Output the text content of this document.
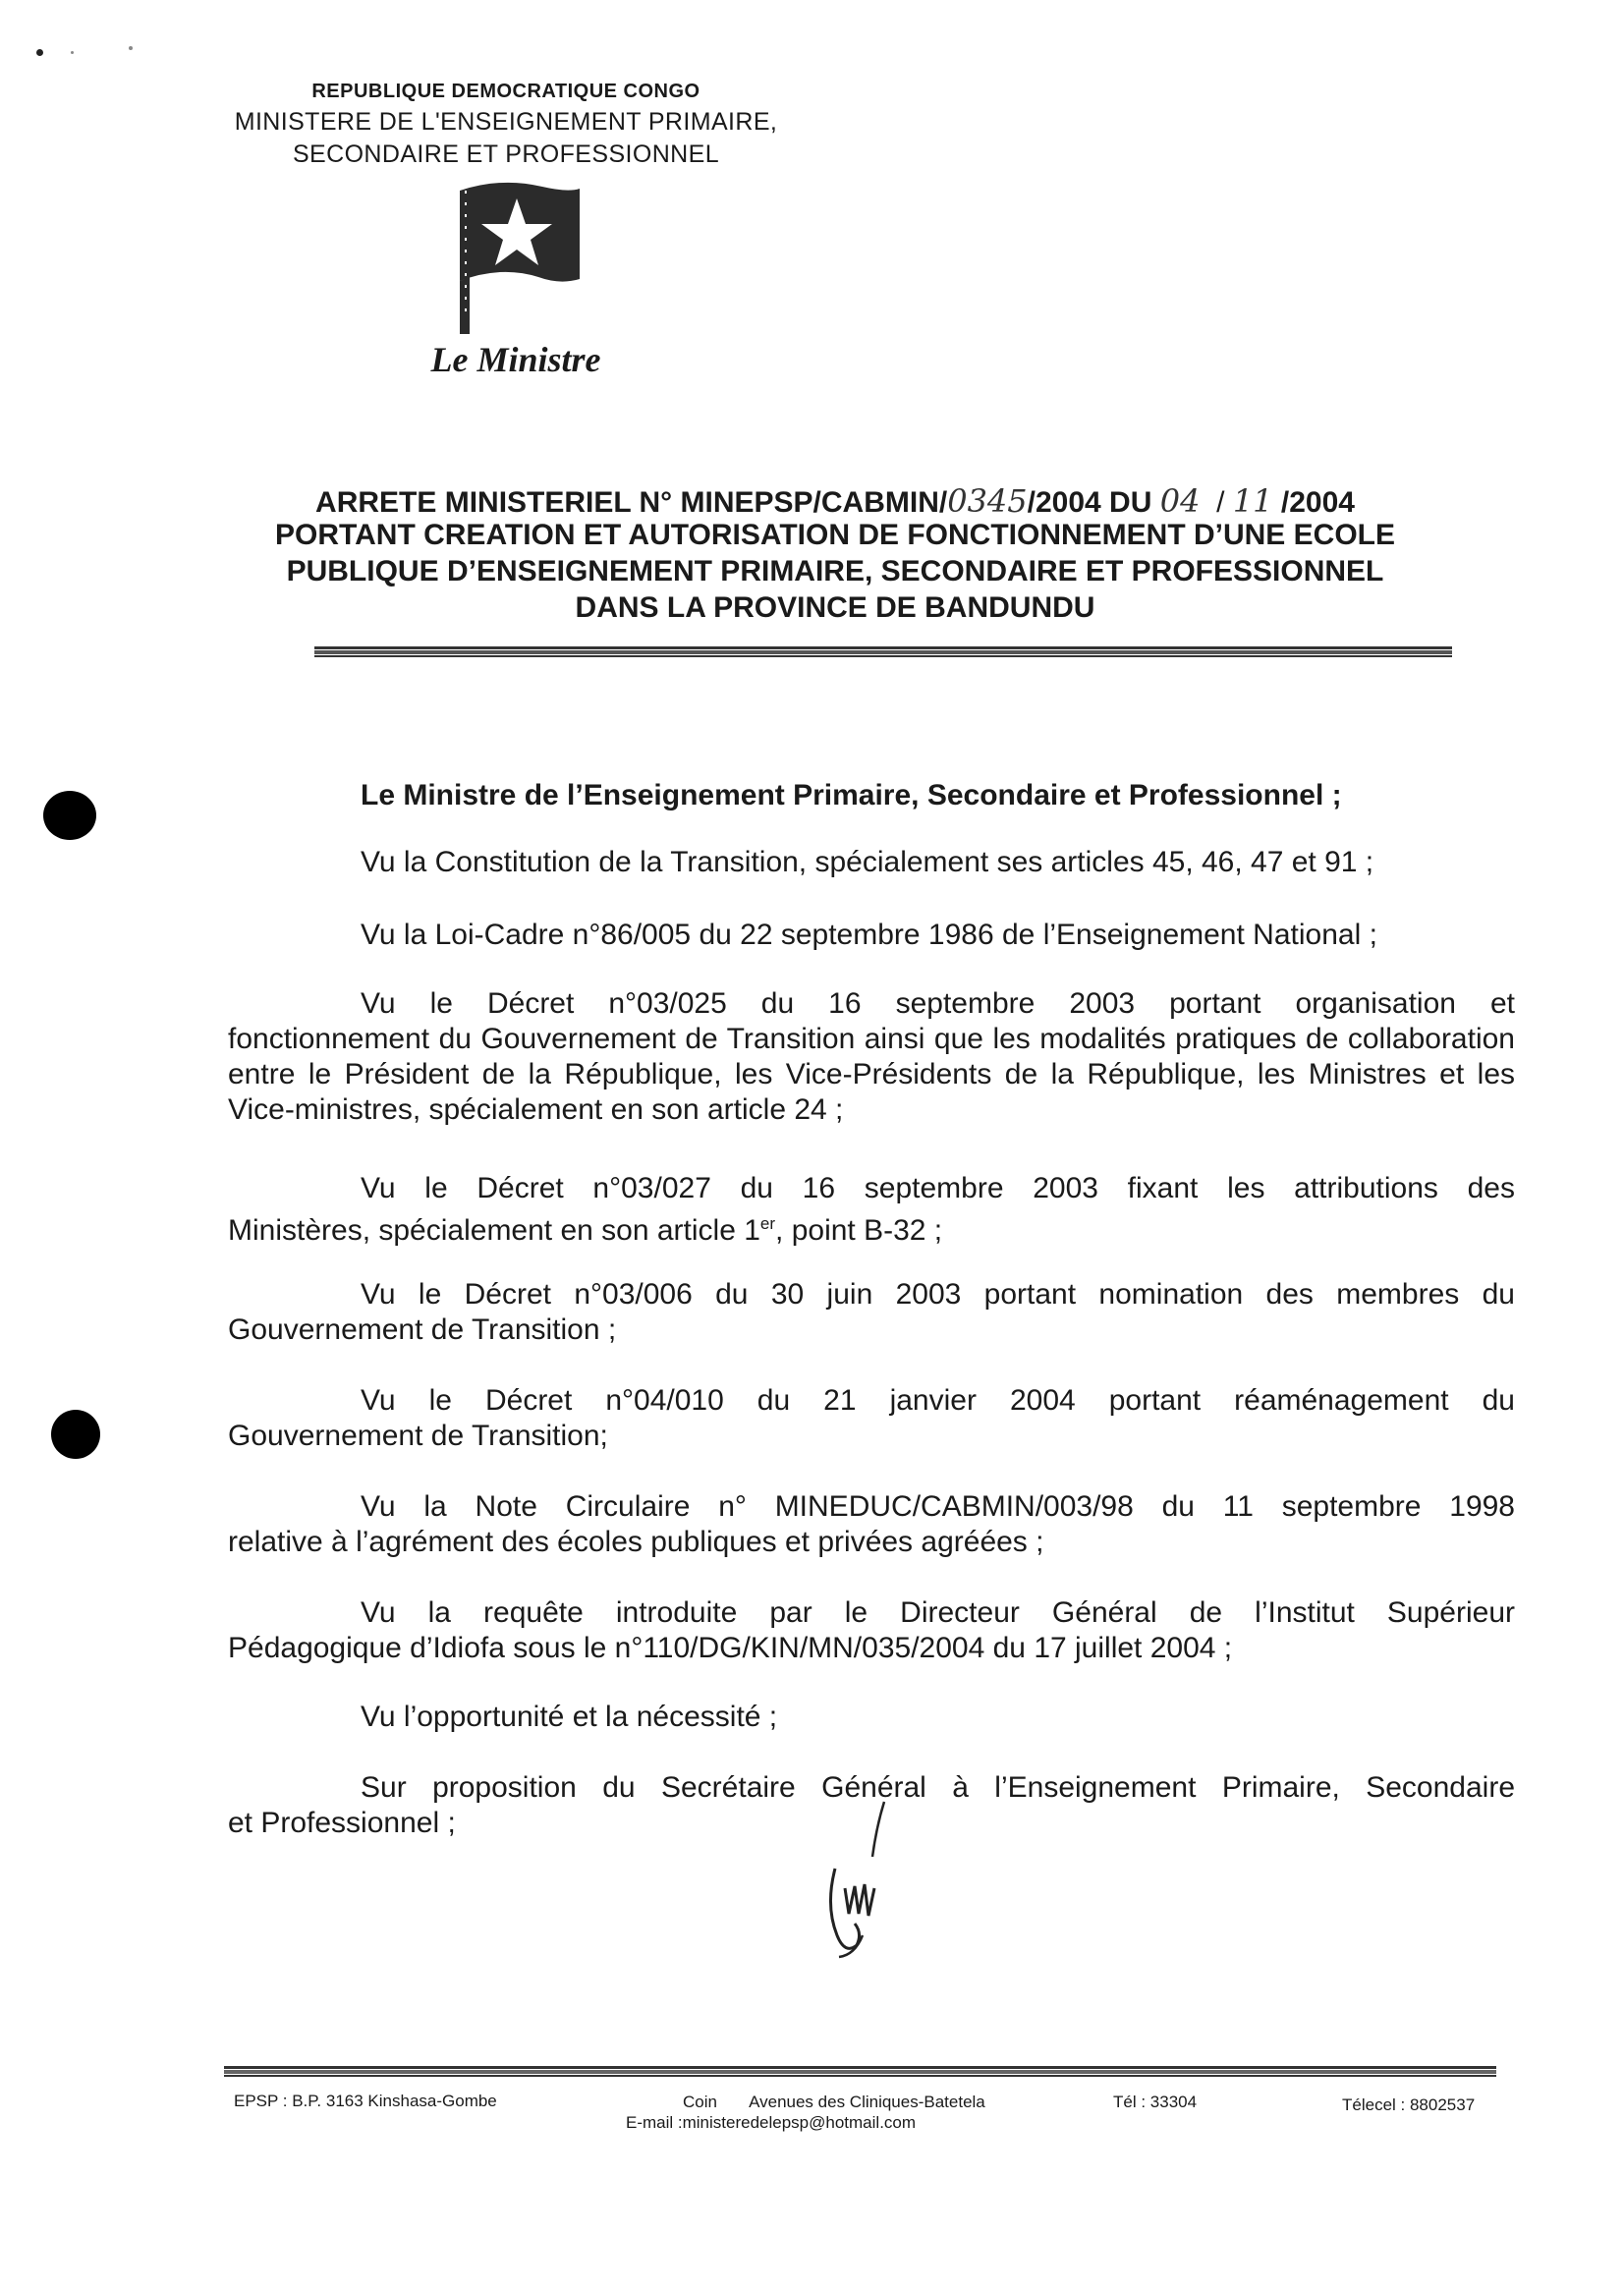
REPUBLIQUE DEMOCRATIQUE CONGO
MINISTERE DE L'ENSEIGNEMENT PRIMAIRE,
SECONDAIRE ET PROFESSIONNEL
Le Ministre
ARRETE MINISTERIEL N° MINEPSP/CABMIN/0345/2004 DU 04  / 11 /2004
PORTANT CREATION ET AUTORISATION DE FONCTIONNEMENT D’UNE ECOLE
PUBLIQUE D’ENSEIGNEMENT PRIMAIRE, SECONDAIRE ET PROFESSIONNEL
DANS LA PROVINCE DE BANDUNDU
Le Ministre de l’Enseignement Primaire, Secondaire et Professionnel ;
Vu la Constitution de la Transition, spécialement ses articles 45, 46, 47 et 91 ;
Vu la Loi-Cadre n°86/005 du 22 septembre 1986 de l’Enseignement National ;
Vu le Décret n°03/025 du 16 septembre 2003 portant organisation et
fonctionnement du Gouvernement de Transition ainsi que les modalités pratiques de collaboration entre le Président de la République, les Vice-Présidents de la République, les Ministres et les Vice-ministres, spécialement en son article 24 ;
Vu le Décret n°03/027 du 16 septembre 2003 fixant les attributions des
Ministères, spécialement en son article 1er, point B-32 ;
Vu le Décret n°03/006 du 30 juin 2003 portant nomination des membres du
Gouvernement de Transition ;
Vu le Décret n°04/010 du 21 janvier 2004 portant réaménagement du
Gouvernement de Transition;
Vu la Note Circulaire n° MINEDUC/CABMIN/003/98 du 11 septembre 1998
relative à l’agrément des écoles publiques et privées agréées ;
Vu la requête introduite par le Directeur Général de l’Institut Supérieur
Pédagogique d’Idiofa sous le n°110/DG/KIN/MN/035/2004 du 17 juillet 2004 ;
Vu l’opportunité et la nécessité ;
Sur proposition du Secrétaire Général à l’Enseignement Primaire, Secondaire
et Professionnel ;
EPSP : B.P. 3163 Kinshasa-Gombe	Coin       Avenues des Cliniques-Batetela	Tél : 33304	Télecel : 8802537
E-mail :ministeredelepsp@hotmail.com
